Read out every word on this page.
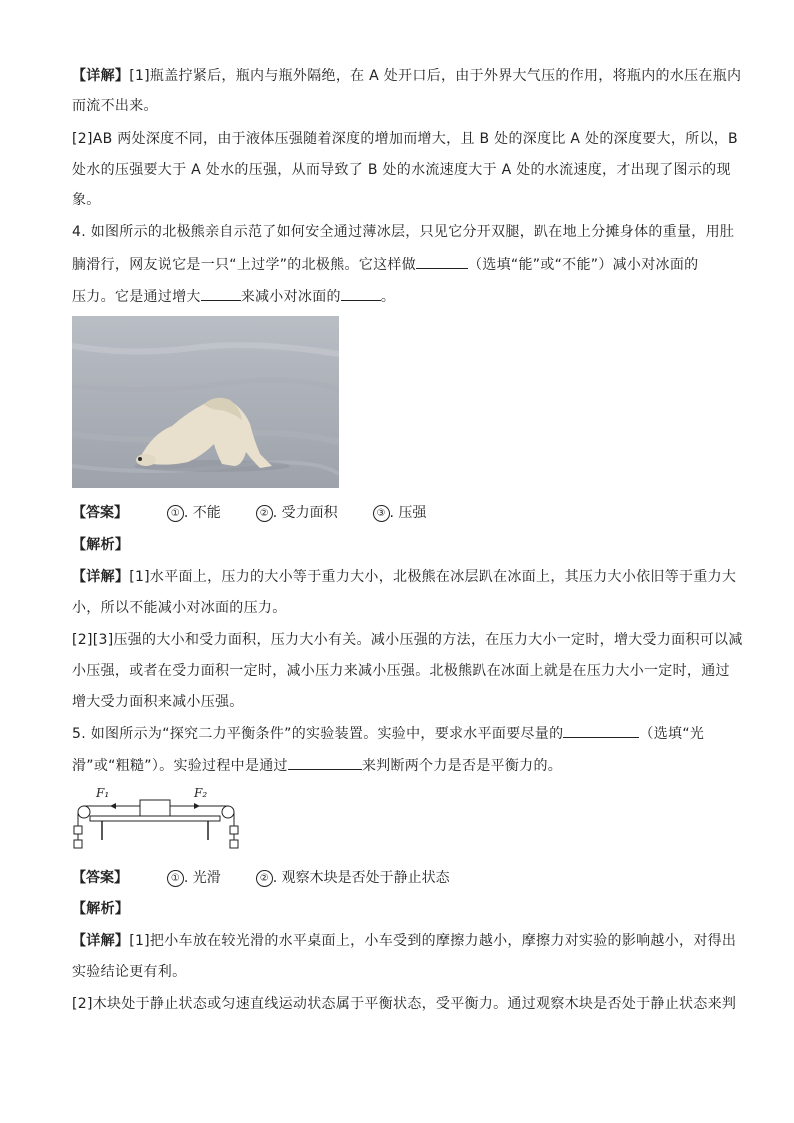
【详解】[1]瓶盖拧紧后，瓶内与瓶外隔绝，在 A 处开口后，由于外界大气压的作用，将瓶内的水压在瓶内
而流不出来。
[2]AB 两处深度不同，由于液体压强随着深度的增加而增大，且 B 处的深度比 A 处的深度要大，所以，B
处水的压强要大于 A 处水的压强，从而导致了 B 处的水流速度大于 A 处的水流速度，才出现了图示的现
象。
4. 如图所示的北极熊亲自示范了如何安全通过薄冰层，只见它分开双腿，趴在地上分摊身体的重量，用肚
腩滑行，网友说它是一只“上过学”的北极熊。它这样做	（选填“能”或“不能”）减小对冰面的
压力。它是通过增大	来减小对冰面的	。
【答案】	① . 不能	② . 受力面积	③ . 压强
【解析】
【详解】[1]水平面上，压力的大小等于重力大小，北极熊在冰层趴在冰面上，其压力大小依旧等于重力大
小，所以不能减小对冰面的压力。
[2][3]压强的大小和受力面积，压力大小有关。减小压强的方法，在压力大小一定时，增大受力面积可以减
小压强，或者在受力面积一定时，减小压力来减小压强。北极熊趴在冰面上就是在压力大小一定时，通过
增大受力面积来减小压强。
5. 如图所示为“探究二力平衡条件”的实验装置。实验中，要求水平面要尽量的	（选填“光
滑”或“粗糙”）。实验过程中是通过	来判断两个力是否是平衡力的。
F₁	F₂
【答案】	① . 光滑	② . 观察木块是否处于静止状态
【解析】
【详解】[1]把小车放在较光滑的水平桌面上，小车受到的摩擦力越小，摩擦力对实验的影响越小，对得出
实验结论更有利。
[2]木块处于静止状态或匀速直线运动状态属于平衡状态，受平衡力。通过观察木块是否处于静止状态来判
